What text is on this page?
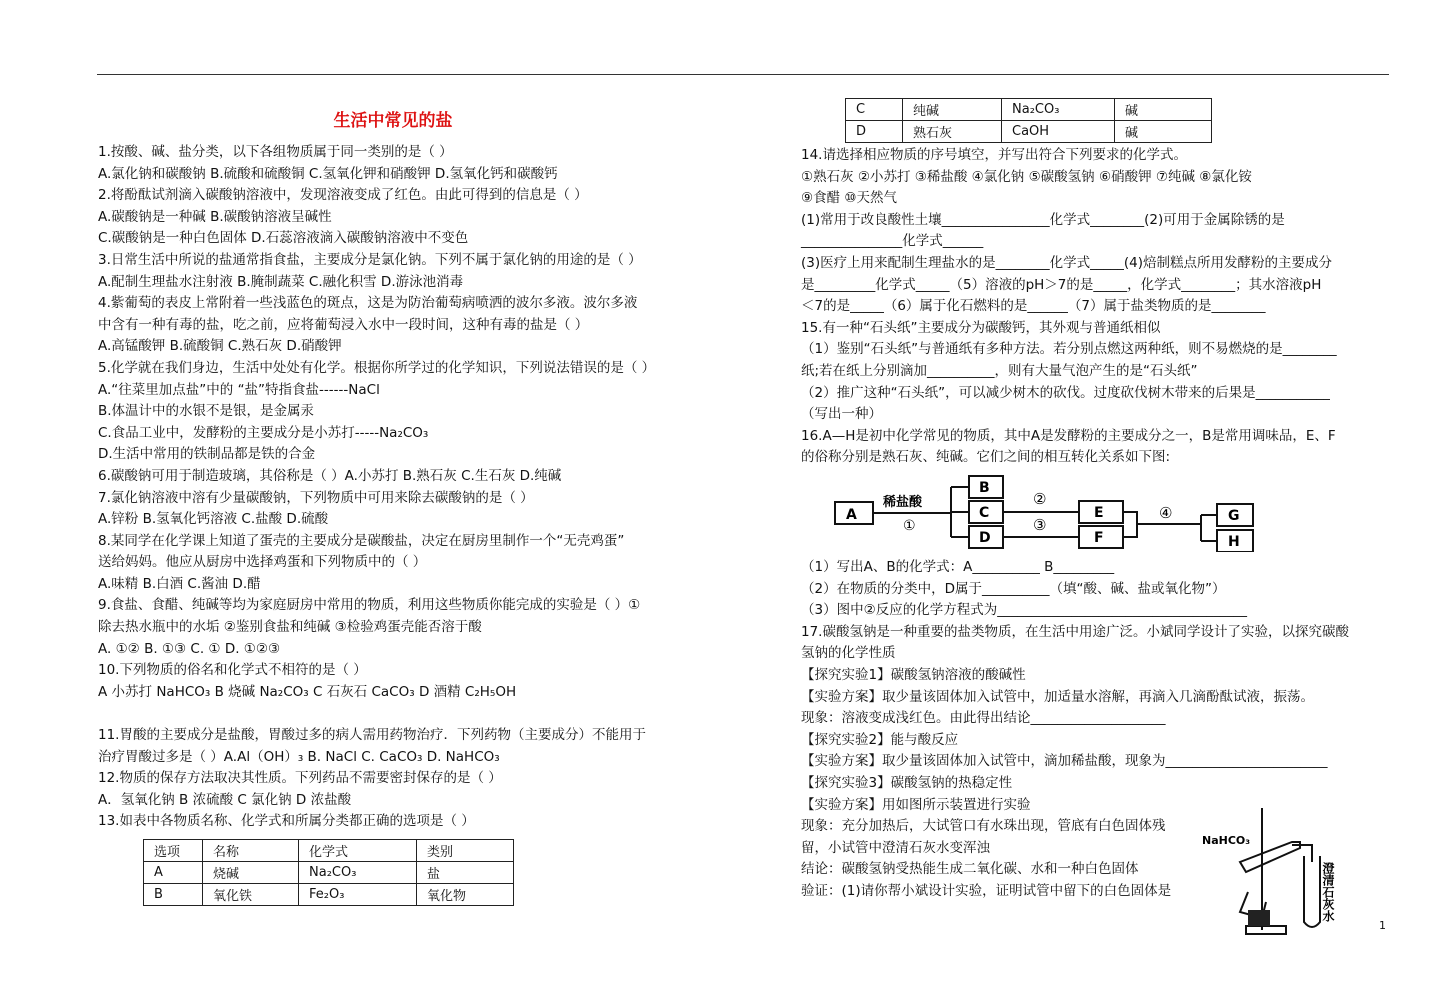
生活中常见的盐
1.按酸、碱、盐分类，以下各组物质属于同一类别的是（ ）
A.氯化钠和碳酸钠 B.硫酸和硫酸铜 C.氢氧化钾和硝酸钾 D.氢氧化钙和碳酸钙
2.将酚酞试剂滴入碳酸钠溶液中，发现溶液变成了红色。由此可得到的信息是（ ）
A.碳酸钠是一种碱 B.碳酸钠溶液呈碱性
C.碳酸钠是一种白色固体 D.石蕊溶液滴入碳酸钠溶液中不变色
3.日常生活中所说的盐通常指食盐，主要成分是氯化钠。下列不属于氯化钠的用途的是（ ）
A.配制生理盐水注射液 B.腌制蔬菜 C.融化积雪 D.游泳池消毒
4.紫葡萄的表皮上常附着一些浅蓝色的斑点，这是为防治葡萄病喷洒的波尔多液。波尔多液
中含有一种有毒的盐，吃之前，应将葡萄浸入水中一段时间，这种有毒的盐是（ ）
A.高锰酸钾 B.硫酸铜 C.熟石灰 D.硝酸钾
5.化学就在我们身边，生活中处处有化学。根据你所学过的化学知识，下列说法错误的是（ ）
A.“往菜里加点盐”中的 “盐”特指食盐------NaCl
B.体温计中的水银不是银，是金属汞
C.食品工业中，发酵粉的主要成分是小苏打-----Na₂CO₃
D.生活中常用的铁制品都是铁的合金
6.碳酸钠可用于制造玻璃，其俗称是（ ）A.小苏打 B.熟石灰 C.生石灰 D.纯碱
7.氯化钠溶液中溶有少量碳酸钠，下列物质中可用来除去碳酸钠的是（ ）
A.锌粉 B.氢氧化钙溶液 C.盐酸 D.硫酸
8.某同学在化学课上知道了蛋壳的主要成分是碳酸盐，决定在厨房里制作一个“无壳鸡蛋”
送给妈妈。他应从厨房中选择鸡蛋和下列物质中的（ ）
A.味精 B.白酒 C.酱油 D.醋
9.食盐、食醋、纯碱等均为家庭厨房中常用的物质，利用这些物质你能完成的实验是（ ）①
除去热水瓶中的水垢 ②鉴别食盐和纯碱 ③检验鸡蛋壳能否溶于酸
A. ①② B. ①③ C. ① D. ①②③
10.下列物质的俗名和化学式不相符的是（ ）
A 小苏打 NaHCO₃ B 烧碱 Na₂CO₃ C 石灰石 CaCO₃ D 酒精 C₂H₅OH
11.胃酸的主要成分是盐酸，胃酸过多的病人需用药物治疗．下列药物（主要成分）不能用于
治疗胃酸过多是（ ）A.Al（OH）₃ B. NaCl C. CaCO₃ D. NaHCO₃
12.物质的保存方法取决其性质。下列药品不需要密封保存的是（ ）
A．氢氧化钠 B 浓硫酸 C 氯化钠 D 浓盐酸
13.如表中各物质名称、化学式和所属分类都正确的选项是（ ）
选项	名称	化学式	类别
A	烧碱	Na₂CO₃	盐
B	氧化铁	Fe₂O₃	氧化物
C	纯碱	Na₂CO₃	碱
D	熟石灰	CaOH	碱
14.请选择相应物质的序号填空，并写出符合下列要求的化学式。
①熟石灰 ②小苏打 ③稀盐酸 ④氯化钠 ⑤碳酸氢钠 ⑥硝酸钾 ⑦纯碱 ⑧氯化铵
⑨食醋 ⑩天然气
(1)常用于改良酸性土壤________________化学式________(2)可用于金属除锈的是
_______________化学式______
(3)医疗上用来配制生理盐水的是________化学式_____(4)焙制糕点所用发酵粉的主要成分
是_________化学式_____（5）溶液的pH＞7的是_____，化学式________；其水溶液pH
＜7的是_____（6）属于化石燃料的是______（7）属于盐类物质的是________
15.有一种“石头纸”主要成分为碳酸钙，其外观与普通纸相似
（1）鉴别“石头纸”与普通纸有多种方法。若分别点燃这两种纸，则不易燃烧的是________
纸;若在纸上分别滴加__________，则有大量气泡产生的是“石头纸”
（2）推广这种“石头纸”，可以减少树木的砍伐。过度砍伐树木带来的后果是___________
（写出一种）
16.A—H是初中化学常见的物质，其中A是发酵粉的主要成分之一，B是常用调味品，E、F
的俗称分别是熟石灰、纯碱。它们之间的相互转化关系如下图:
A
B
C
D
E
F
G
H
稀盐酸
①
②
③
④
（1）写出A、B的化学式：A__________ B_________
（2）在物质的分类中，D属于__________（填“酸、碱、盐或氧化物”）
（3）图中②反应的化学方程式为_____________________________________
17.碳酸氢钠是一种重要的盐类物质，在生活中用途广泛。小斌同学设计了实验，以探究碳酸
氢钠的化学性质
【探究实验1】碳酸氢钠溶液的酸碱性
【实验方案】取少量该固体加入试管中，加适量水溶解，再滴入几滴酚酞试液，振荡。
现象：溶液变成浅红色。由此得出结论____________________
【探究实验2】能与酸反应
【实验方案】取少量该固体加入试管中，滴加稀盐酸，现象为________________________
【探究实验3】碳酸氢钠的热稳定性
【实验方案】用如图所示装置进行实验
现象：充分加热后，大试管口有水珠出现，管底有白色固体残
留，小试管中澄清石灰水变浑浊
结论：碳酸氢钠受热能生成二氧化碳、水和一种白色固体
验证：(1)请你帮小斌设计实验，证明试管中留下的白色固体是
NaHCO₃
澄清石灰水
1
